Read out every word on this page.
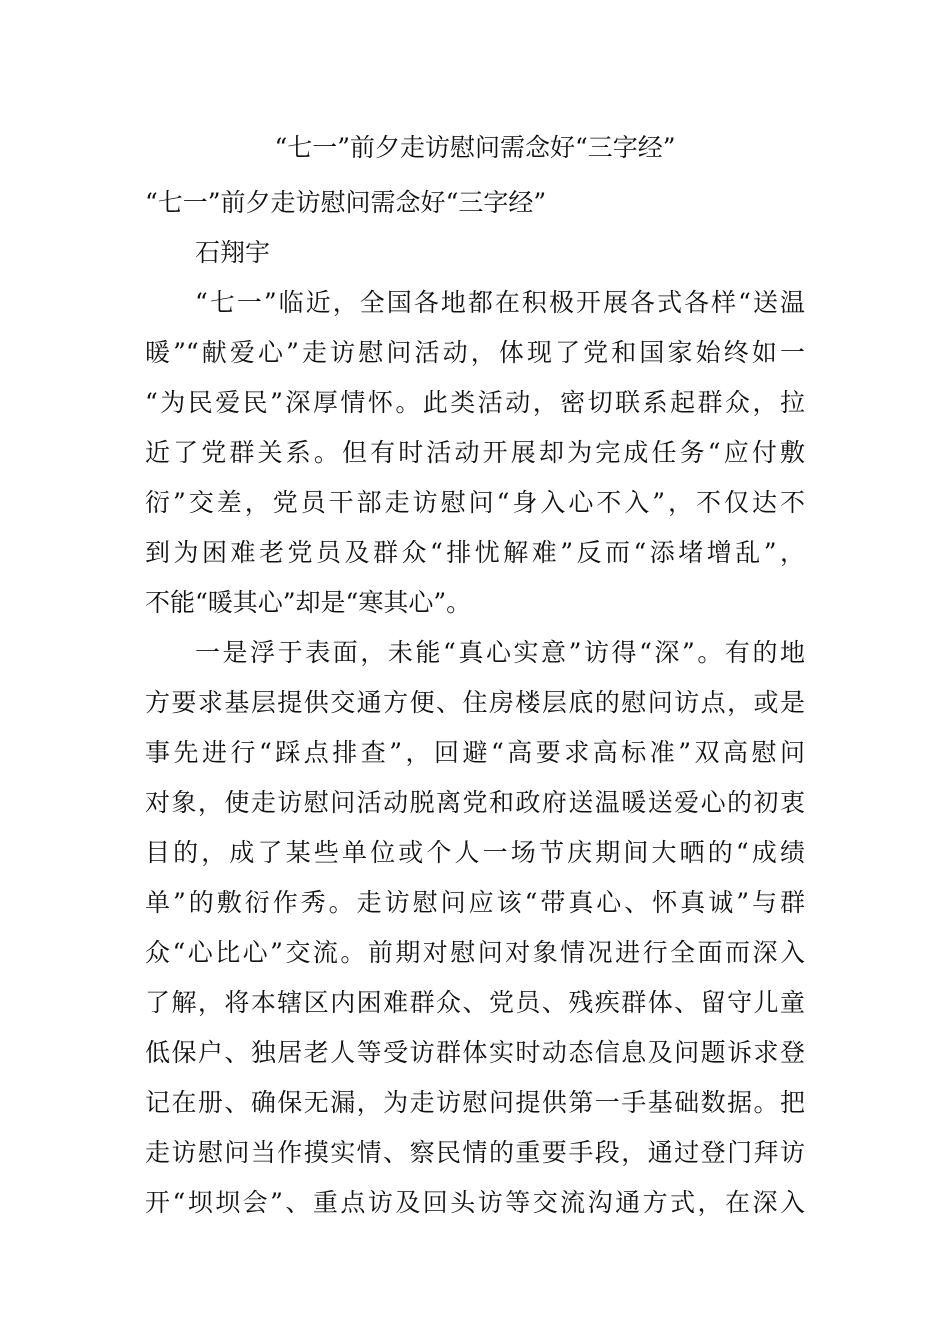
“七一”前夕走访慰问需念好“三字经”

“七一”前夕走访慰问需念好“三字经”

石翔宇

“七一”临近，全国各地都在积极开展各式各样“送温

暖”“献爱心”走访慰问活动，体现了党和国家始终如一

“为民爱民”深厚情怀。此类活动，密切联系起群众，拉

近了党群关系。但有时活动开展却为完成任务“应付敷

衍”交差，党员干部走访慰问“身入心不入”，不仅达不

到为困难老党员及群众“排忧解难”反而“添堵增乱”，

不能“暖其心”却是“寒其心”。

一是浮于表面，未能“真心实意”访得“深”。有的地

方要求基层提供交通方便、住房楼层底的慰问访点，或是

事先进行“踩点排查”，回避“高要求高标准”双高慰问

对象，使走访慰问活动脱离党和政府送温暖送爱心的初衷

目的，成了某些单位或个人一场节庆期间大晒的“成绩

单”的敷衍作秀。走访慰问应该“带真心、怀真诚”与群

众“心比心”交流。前期对慰问对象情况进行全面而深入

了解，将本辖区内困难群众、党员、残疾群体、留守儿童

低保户、独居老人等受访群体实时动态信息及问题诉求登

记在册、确保无漏，为走访慰问提供第一手基础数据。把

走访慰问当作摸实情、察民情的重要手段，通过登门拜访

开“坝坝会”、重点访及回头访等交流沟通方式，在深入
